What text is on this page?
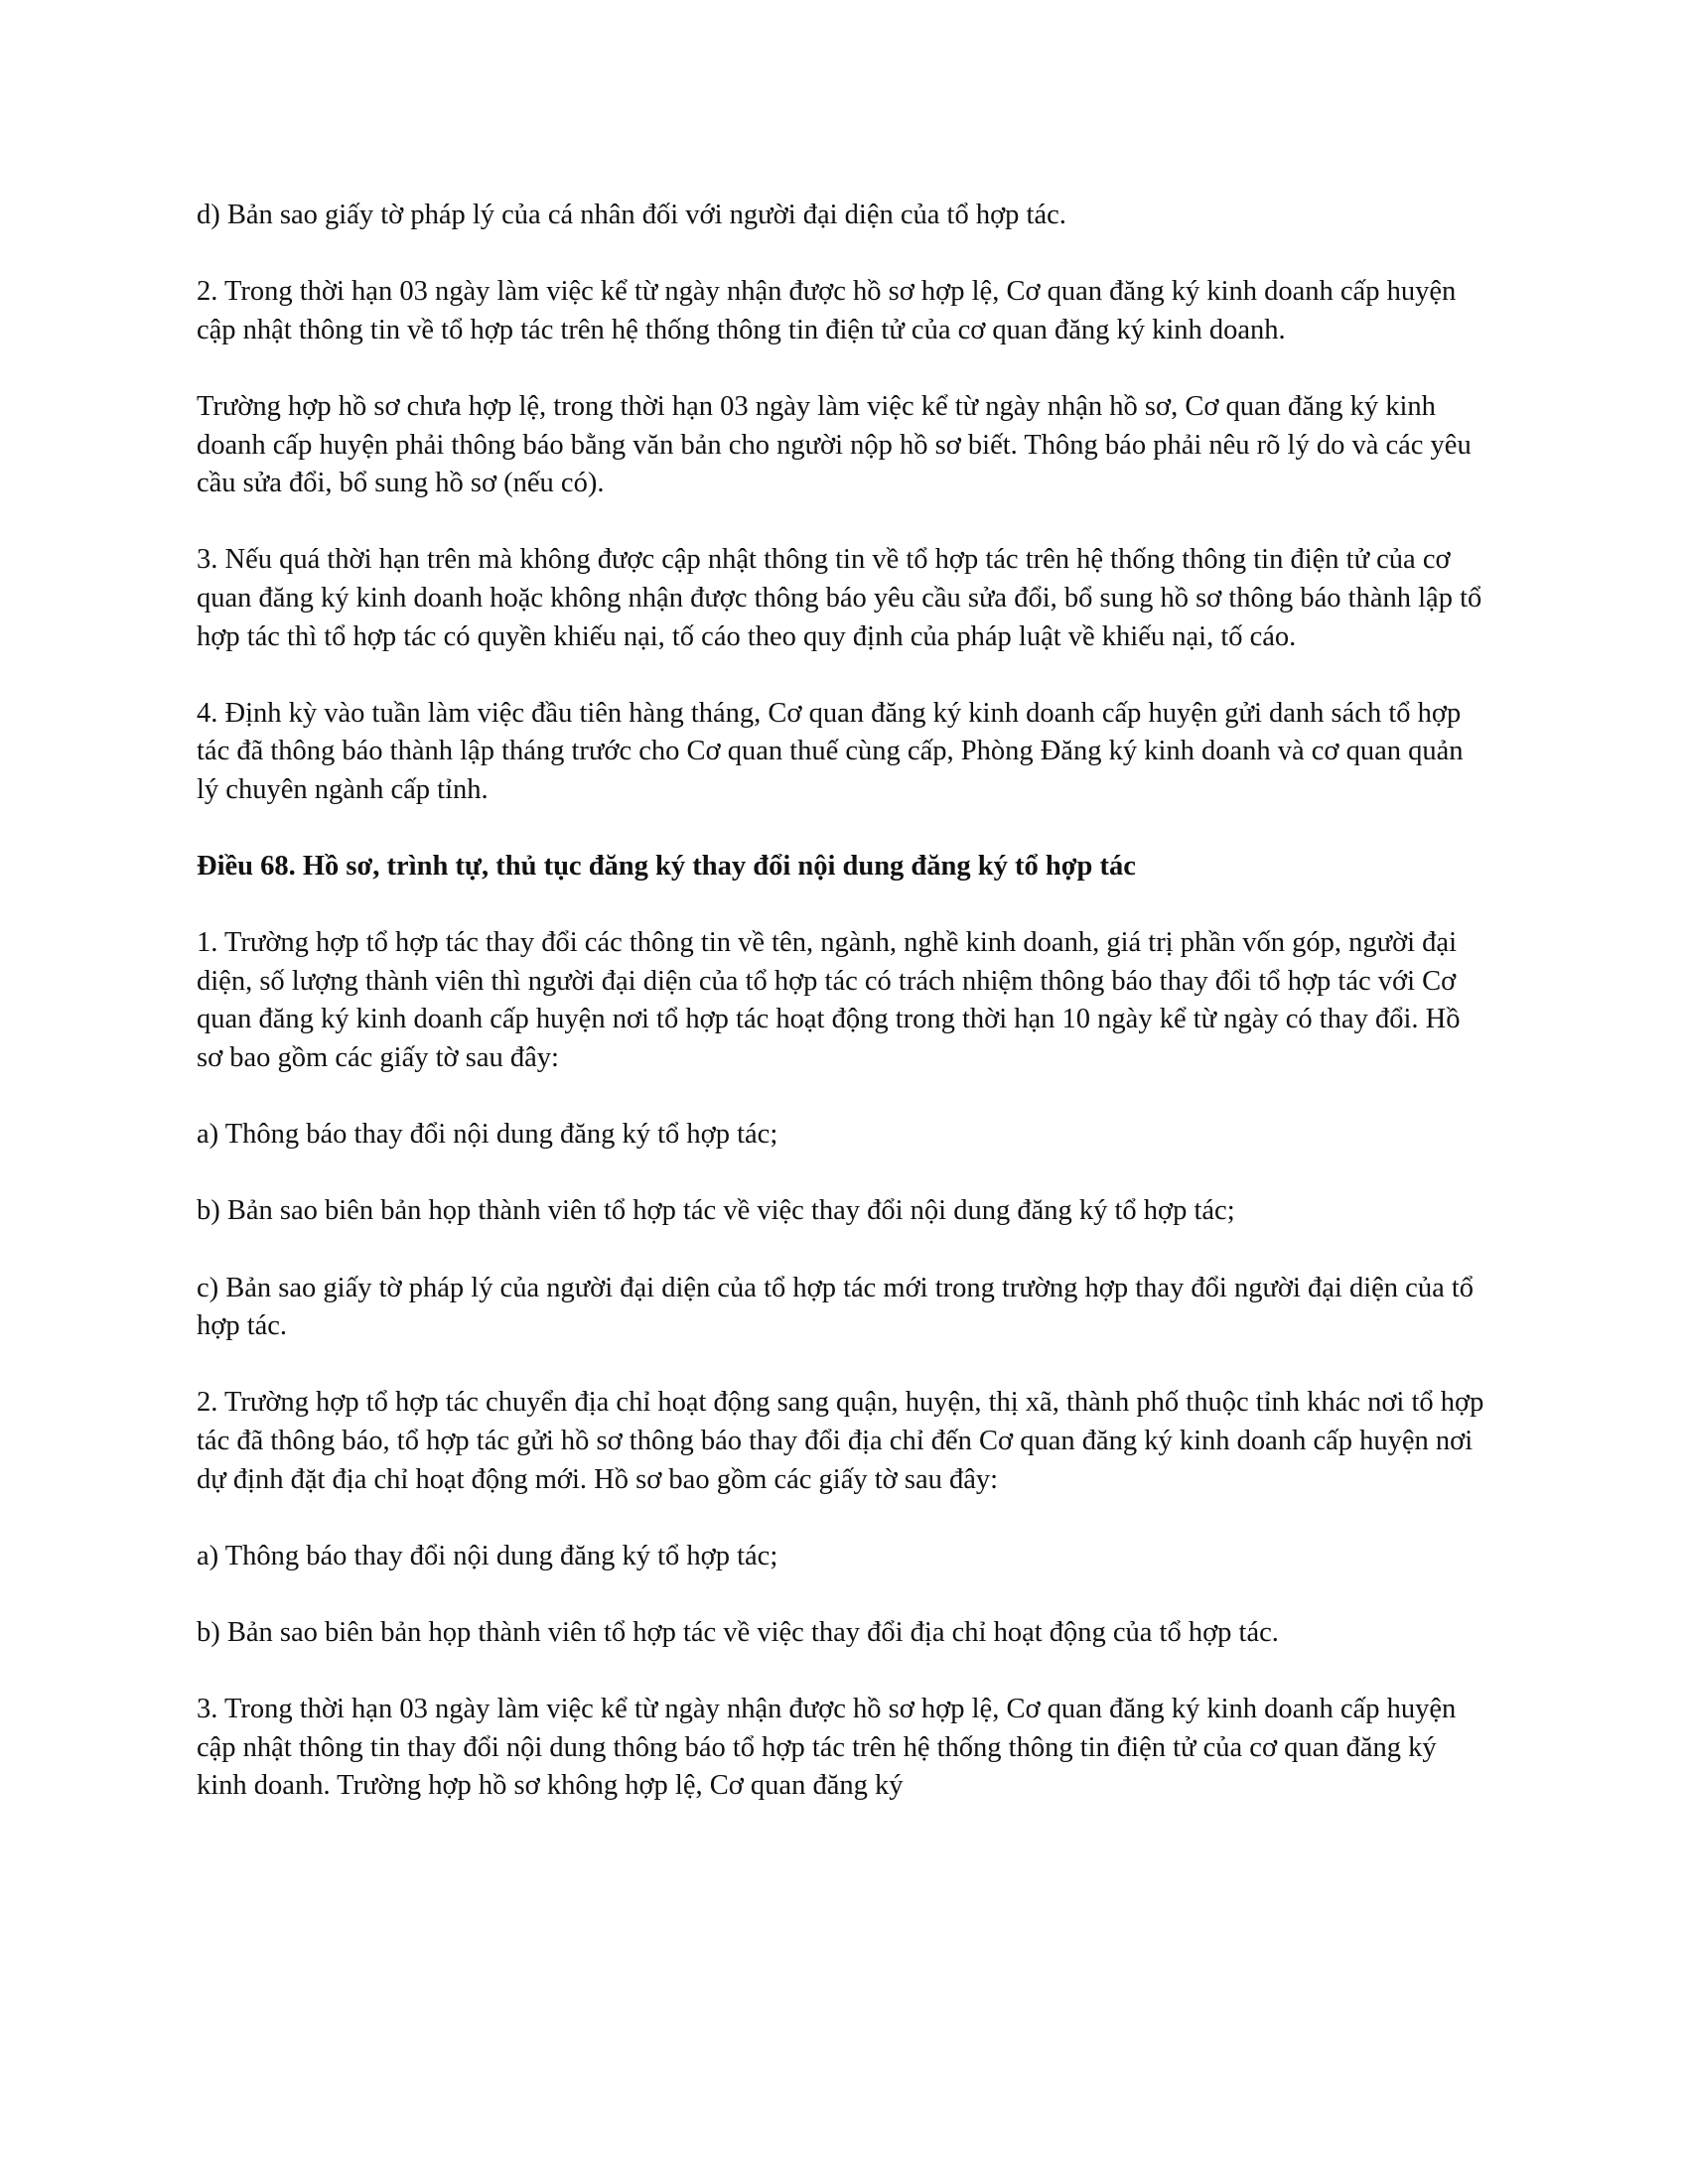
d) Bản sao giấy tờ pháp lý của cá nhân đối với người đại diện của tổ hợp tác.

2. Trong thời hạn 03 ngày làm việc kể từ ngày nhận được hồ sơ hợp lệ, Cơ quan đăng ký kinh doanh cấp huyện cập nhật thông tin về tổ hợp tác trên hệ thống thông tin điện tử của cơ quan đăng ký kinh doanh.

Trường hợp hồ sơ chưa hợp lệ, trong thời hạn 03 ngày làm việc kể từ ngày nhận hồ sơ, Cơ quan đăng ký kinh doanh cấp huyện phải thông báo bằng văn bản cho người nộp hồ sơ biết. Thông báo phải nêu rõ lý do và các yêu cầu sửa đổi, bổ sung hồ sơ (nếu có).

3. Nếu quá thời hạn trên mà không được cập nhật thông tin về tổ hợp tác trên hệ thống thông tin điện tử của cơ quan đăng ký kinh doanh hoặc không nhận được thông báo yêu cầu sửa đổi, bổ sung hồ sơ thông báo thành lập tổ hợp tác thì tổ hợp tác có quyền khiếu nại, tố cáo theo quy định của pháp luật về khiếu nại, tố cáo.

4. Định kỳ vào tuần làm việc đầu tiên hàng tháng, Cơ quan đăng ký kinh doanh cấp huyện gửi danh sách tổ hợp tác đã thông báo thành lập tháng trước cho Cơ quan thuế cùng cấp, Phòng Đăng ký kinh doanh và cơ quan quản lý chuyên ngành cấp tỉnh.

Điều 68. Hồ sơ, trình tự, thủ tục đăng ký thay đổi nội dung đăng ký tổ hợp tác

1. Trường hợp tổ hợp tác thay đổi các thông tin về tên, ngành, nghề kinh doanh, giá trị phần vốn góp, người đại diện, số lượng thành viên thì người đại diện của tổ hợp tác có trách nhiệm thông báo thay đổi tổ hợp tác với Cơ quan đăng ký kinh doanh cấp huyện nơi tổ hợp tác hoạt động trong thời hạn 10 ngày kể từ ngày có thay đổi. Hồ sơ bao gồm các giấy tờ sau đây:

a) Thông báo thay đổi nội dung đăng ký tổ hợp tác;

b) Bản sao biên bản họp thành viên tổ hợp tác về việc thay đổi nội dung đăng ký tổ hợp tác;

c) Bản sao giấy tờ pháp lý của người đại diện của tổ hợp tác mới trong trường hợp thay đổi người đại diện của tổ hợp tác.

2. Trường hợp tổ hợp tác chuyển địa chỉ hoạt động sang quận, huyện, thị xã, thành phố thuộc tỉnh khác nơi tổ hợp tác đã thông báo, tổ hợp tác gửi hồ sơ thông báo thay đổi địa chỉ đến Cơ quan đăng ký kinh doanh cấp huyện nơi dự định đặt địa chỉ hoạt động mới. Hồ sơ bao gồm các giấy tờ sau đây:

a) Thông báo thay đổi nội dung đăng ký tổ hợp tác;

b) Bản sao biên bản họp thành viên tổ hợp tác về việc thay đổi địa chỉ hoạt động của tổ hợp tác.

3. Trong thời hạn 03 ngày làm việc kể từ ngày nhận được hồ sơ hợp lệ, Cơ quan đăng ký kinh doanh cấp huyện cập nhật thông tin thay đổi nội dung thông báo tổ hợp tác trên hệ thống thông tin điện tử của cơ quan đăng ký kinh doanh. Trường hợp hồ sơ không hợp lệ, Cơ quan đăng ký
